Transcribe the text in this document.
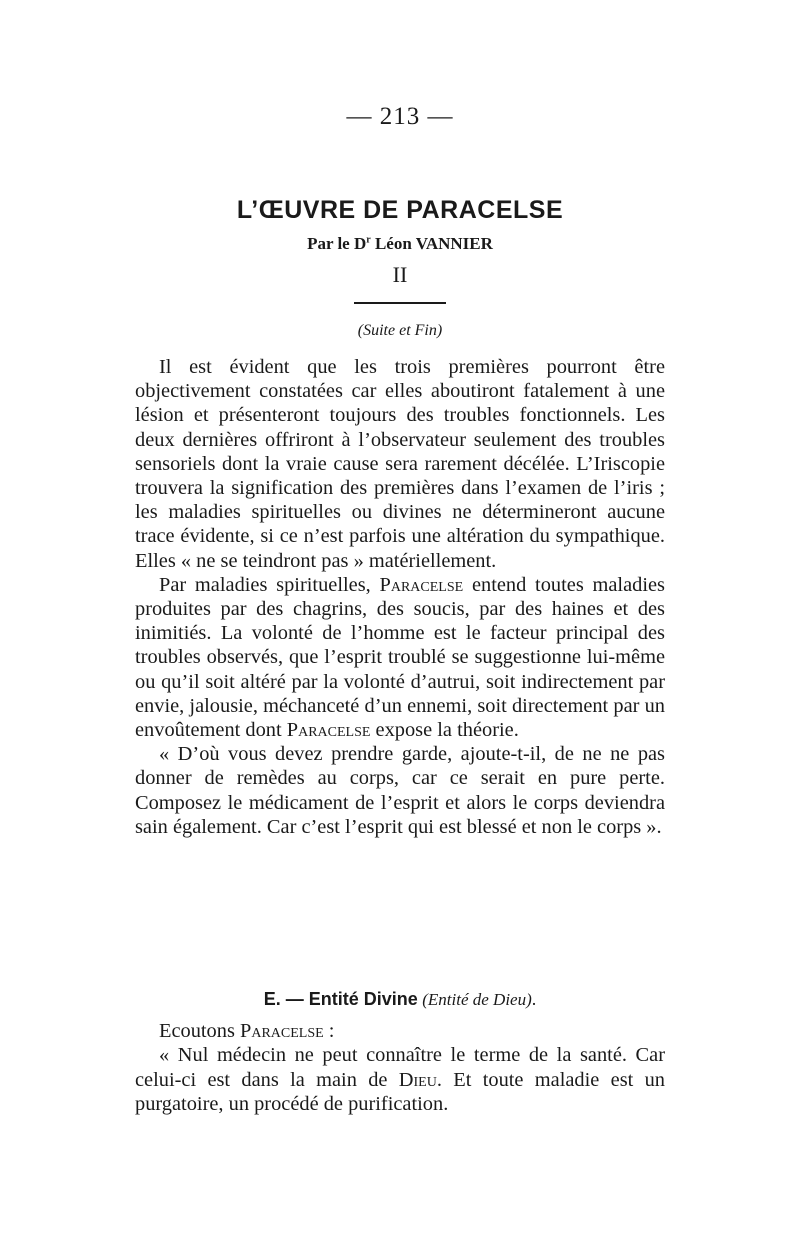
— 213 —
L’ŒUVRE DE PARACELSE
Par le $D^r$ Léon VANNIER
II
(Suite et Fin)

Il est évident que les trois premières pourront être objectivement constatées car elles aboutiront fatalement à une lésion et présenteront toujours des troubles fonctionnels. Les deux dernières offriront à l’observateur seulement des troubles sensoriels dont la vraie cause sera rarement décélée. L’Iriscopie trouvera la signification des premières dans l’examen de l’iris ; les maladies spirituelles ou divines ne détermineront aucune trace évidente, si ce n’est parfois une altération du sympathique. Elles « ne se teindront pas » matériellement.

Par maladies spirituelles, Paracelse entend toutes maladies produites par des chagrins, des soucis, par des haines et des inimitiés. La volonté de l’homme est le facteur principal des troubles observés, que l’esprit troublé se suggestionne lui-même ou qu’il soit altéré par la volonté d’autrui, soit indirectement par envie, jalousie, méchanceté d’un ennemi, soit directement par un envoûtement dont Paracelse expose la théorie.

« D’où vous devez prendre garde, ajoute-t-il, de ne ne pas donner de remèdes au corps, car ce serait en pure perte. Composez le médicament de l’esprit et alors le corps deviendra sain également. Car c’est l’esprit qui est blessé et non le corps ».

E. — Entité Divine (Entité de Dieu).

Ecoutons Paracelse :

« Nul médecin ne peut connaître le terme de la santé. Car celui-ci est dans la main de Dieu. Et toute maladie est un purgatoire, un procédé de purification.
